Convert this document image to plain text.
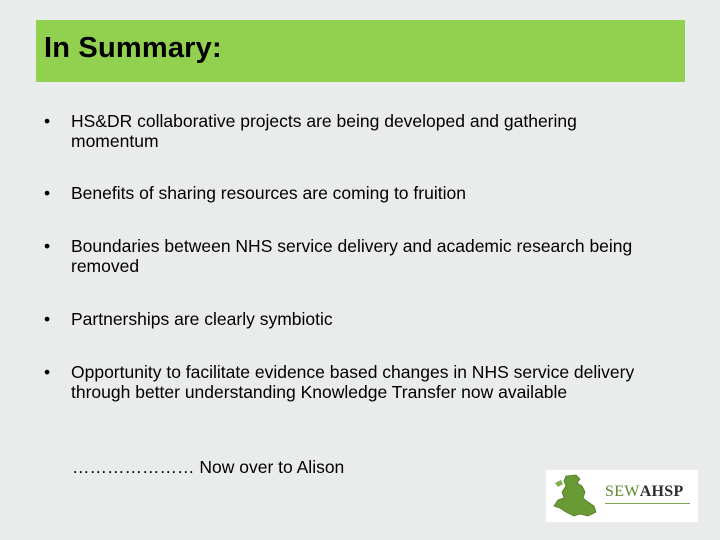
In Summary:
•	HS&DR collaborative projects are being developed and gathering momentum
•	Benefits of sharing resources are coming to fruition
•	Boundaries between NHS service delivery and academic research being removed
•	Partnerships are clearly symbiotic
•	Opportunity to facilitate evidence based changes in NHS service delivery through better understanding Knowledge Transfer now available
………………… Now over to Alison
SEWAHSP
